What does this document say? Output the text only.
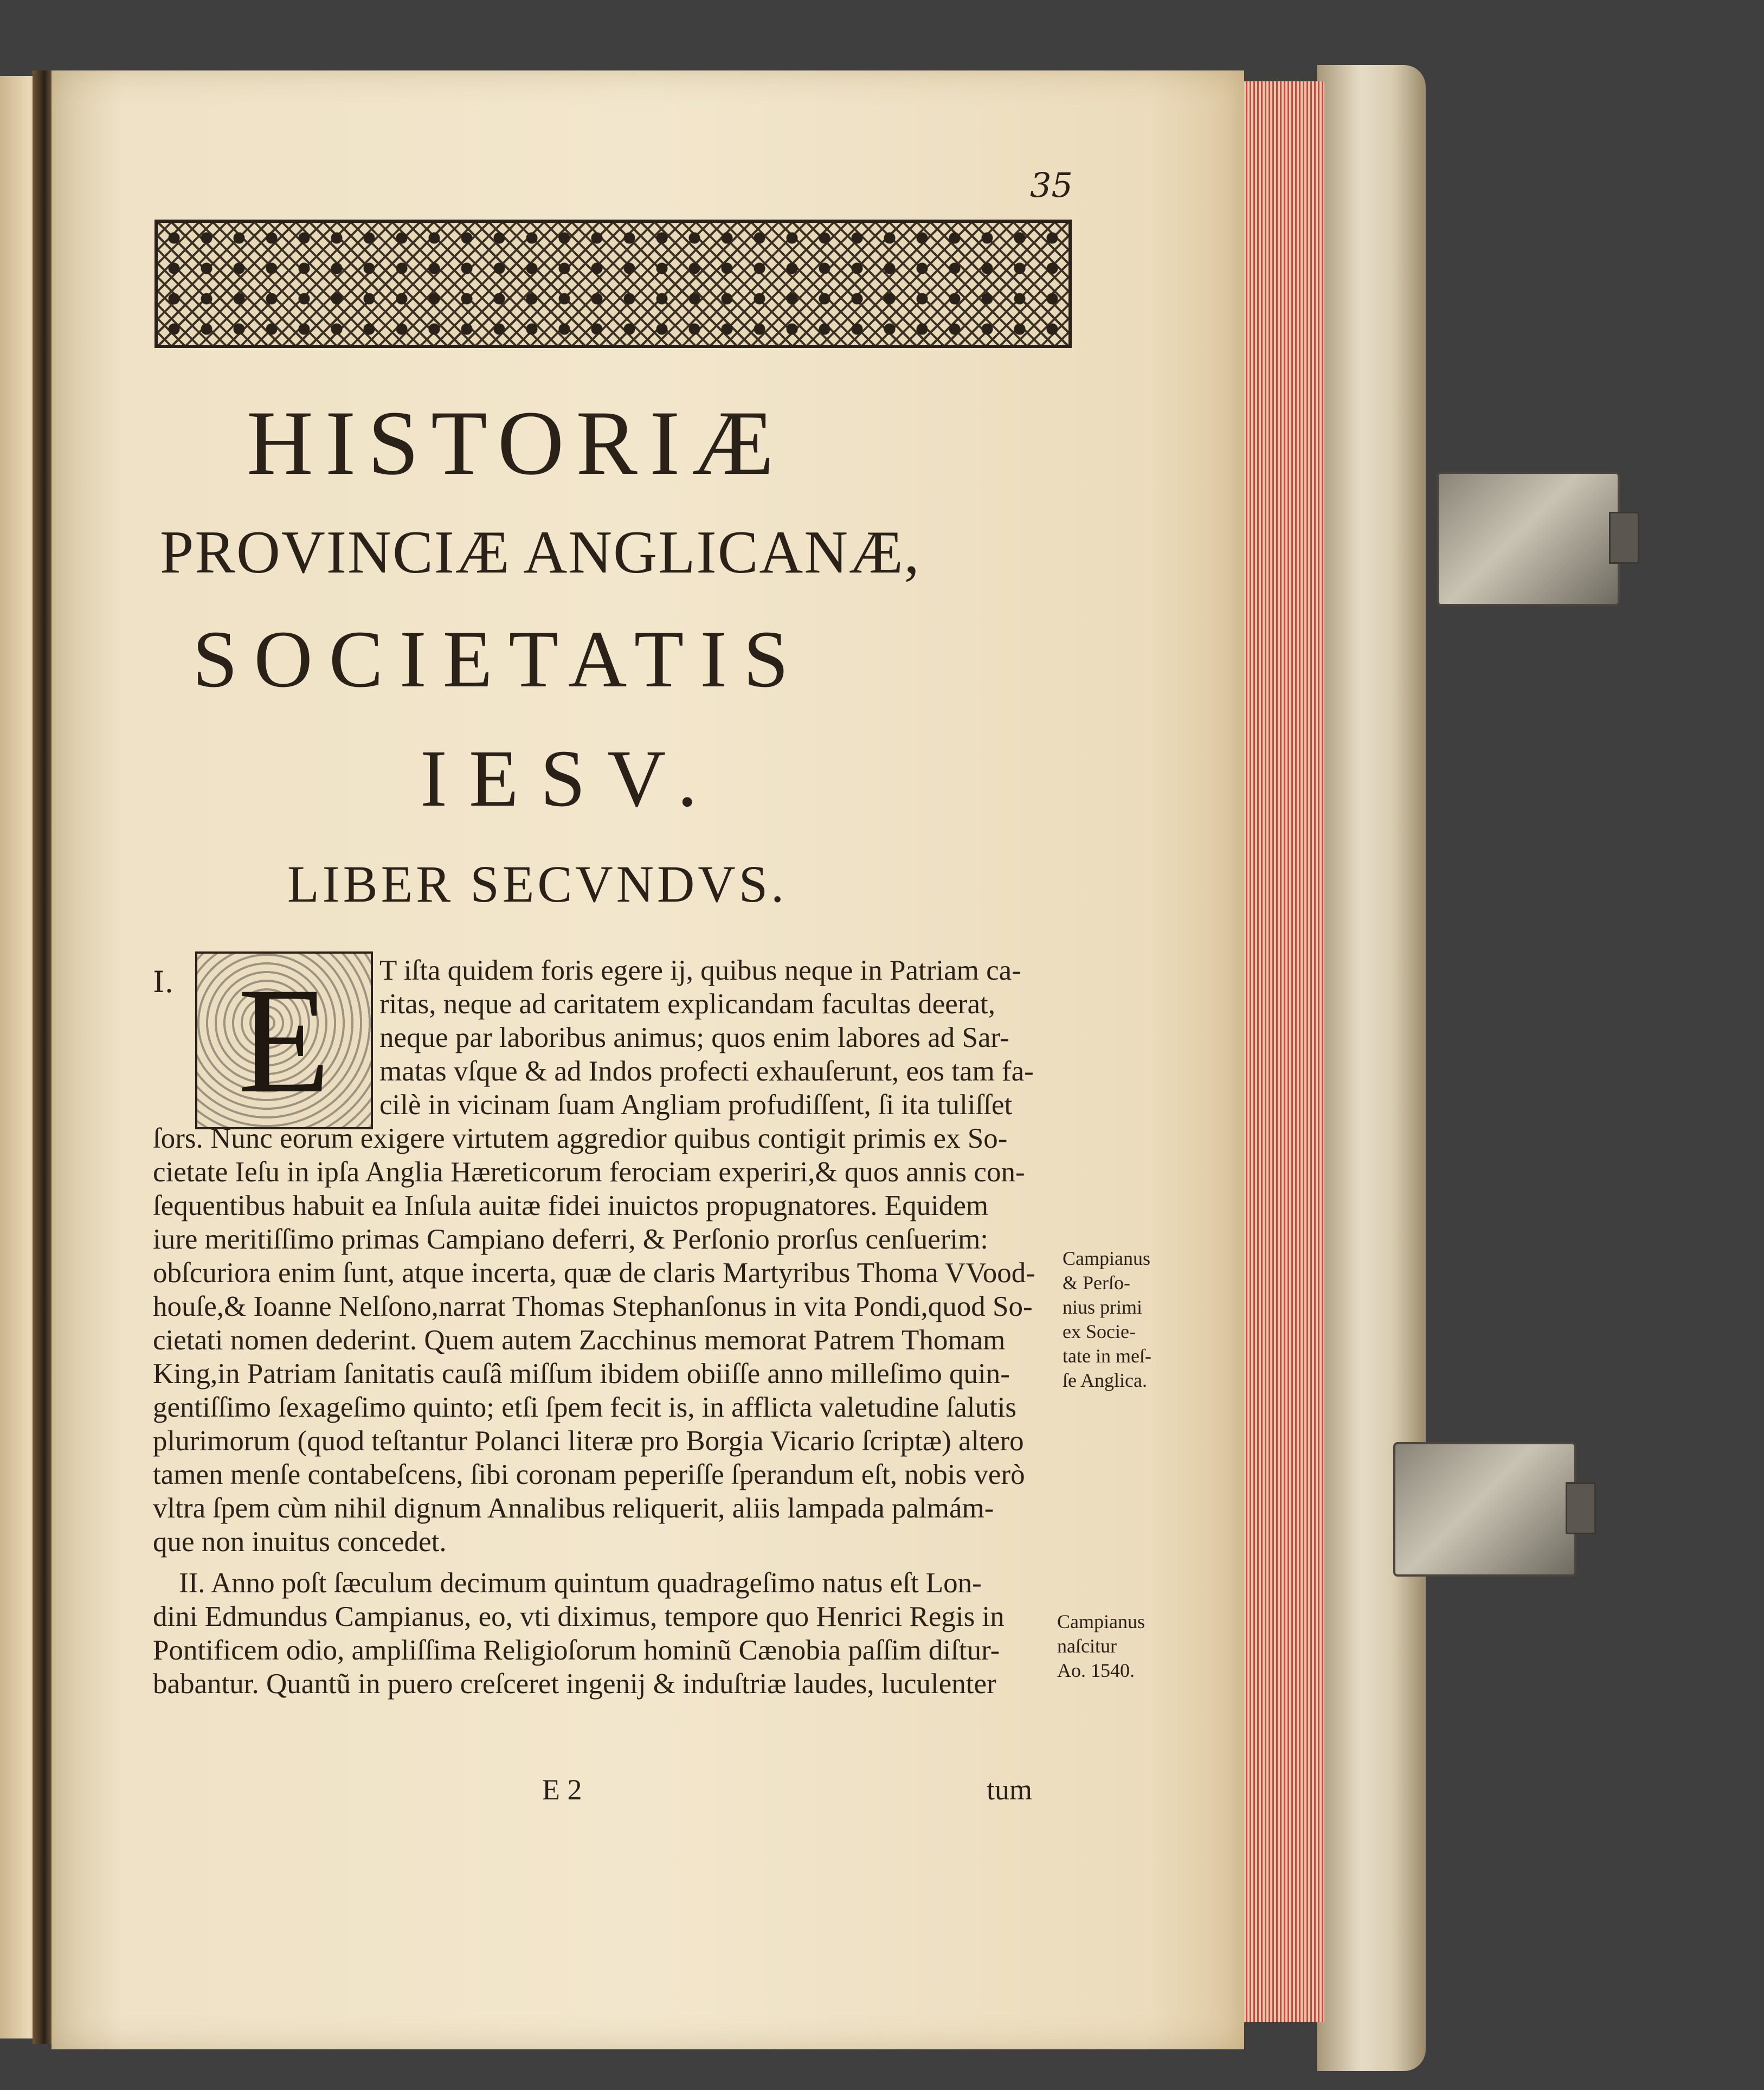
35
HISTORIÆ
PROVINCIÆ ANGLICANÆ,
SOCIETATIS
IESV.
LIBER SECVNDVS.
I. E	T iſta quidem foris egere ij, quibus neque in Patriam ca-
ritas, neque ad caritatem explicandam facultas deerat,
neque par laboribus animus; quos enim labores ad Sar-
matas vſque & ad Indos profecti exhauſerunt, eos tam fa-
cilè in vicinam ſuam Angliam profudiſſent, ſi ita tuliſſet
ſors. Nunc eorum exigere virtutem aggredior quibus contigit primis ex So-
cietate Ieſu in ipſa Anglia Hæreticorum ferociam experiri,& quos annis con-
ſequentibus habuit ea Inſula auitæ fidei inuictos propugnatores. Equidem
iure meritiſſimo primas Campiano deferri, & Perſonio prorſus cenſuerim:
obſcuriora enim ſunt, atque incerta, quæ de claris Martyribus Thoma VVood-
houſe,& Ioanne Nelſono,narrat Thomas Stephanſonus in vita Pondi,quod So-
cietati nomen dederint. Quem autem Zacchinus memorat Patrem Thomam
King,in Patriam ſanitatis cauſâ miſſum ibidem obiiſſe anno milleſimo quin-
gentiſſimo ſexageſimo quinto; etſi ſpem fecit is, in afflicta valetudine ſalutis
plurimorum (quod teſtantur Polanci literæ pro Borgia Vicario ſcriptæ) altero
tamen menſe contabeſcens, ſibi coronam peperiſſe ſperandum eſt, nobis verò
vltra ſpem cùm nihil dignum Annalibus reliquerit, aliis lampada palmám-
que non inuitus concedet.
II. Anno poſt ſæculum decimum quintum quadrageſimo natus eſt Lon-
dini Edmundus Campianus, eo, vti diximus, tempore quo Henrici Regis in
Pontificem odio, ampliſſima Religioſorum hominũ Cænobia paſſim diſtur-
babantur. Quantũ in puero creſceret ingenij & induſtriæ laudes, luculenter
Campianus
& Perſo-
nius primi
ex Socie-
tate in meſ-
ſe Anglica.
Campianus
naſcitur
Ao. 1540.
E 2	tum
